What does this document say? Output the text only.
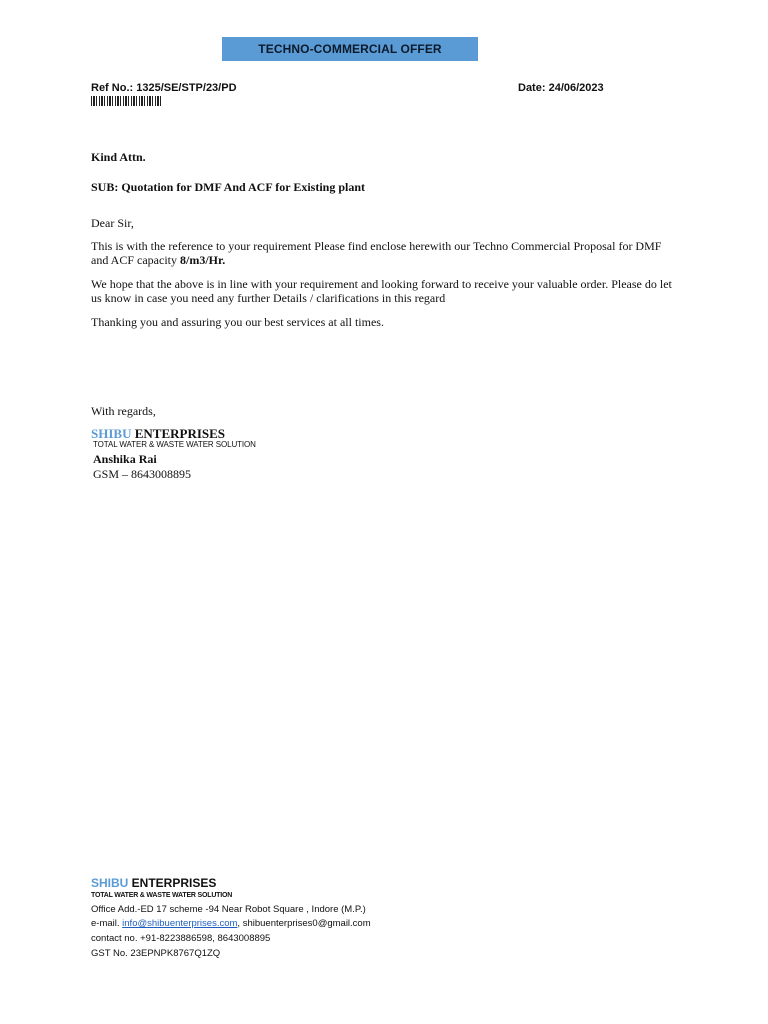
TECHNO-COMMERCIAL OFFER
Ref No.: 1325/SE/STP/23/PD	Date: 24/06/2023
Kind Attn.
SUB: Quotation for DMF And ACF for Existing plant
Dear Sir,
This is with the reference to your requirement Please find enclose herewith our Techno Commercial Proposal for DMF and ACF capacity 8/m3/Hr.
We hope that the above is in line with your requirement and looking forward to receive your valuable order. Please do let us know in case you need any further Details / clarifications in this regard
Thanking you and assuring you our best services at all times.
With regards,
SHIBU ENTERPRISES
TOTAL WATER & WASTE WATER SOLUTION
Anshika Rai
GSM – 8643008895
SHIBU ENTERPRISES
TOTAL WATER & WASTE WATER SOLUTION
Office Add.-ED 17 scheme -94 Near Robot Square , Indore (M.P.)
e-mail. info@shibuenterprises.com, shibuenterprises0@gmail.com
contact no. +91-8223886598, 8643008895
GST No. 23EPNPK8767Q1ZQ
